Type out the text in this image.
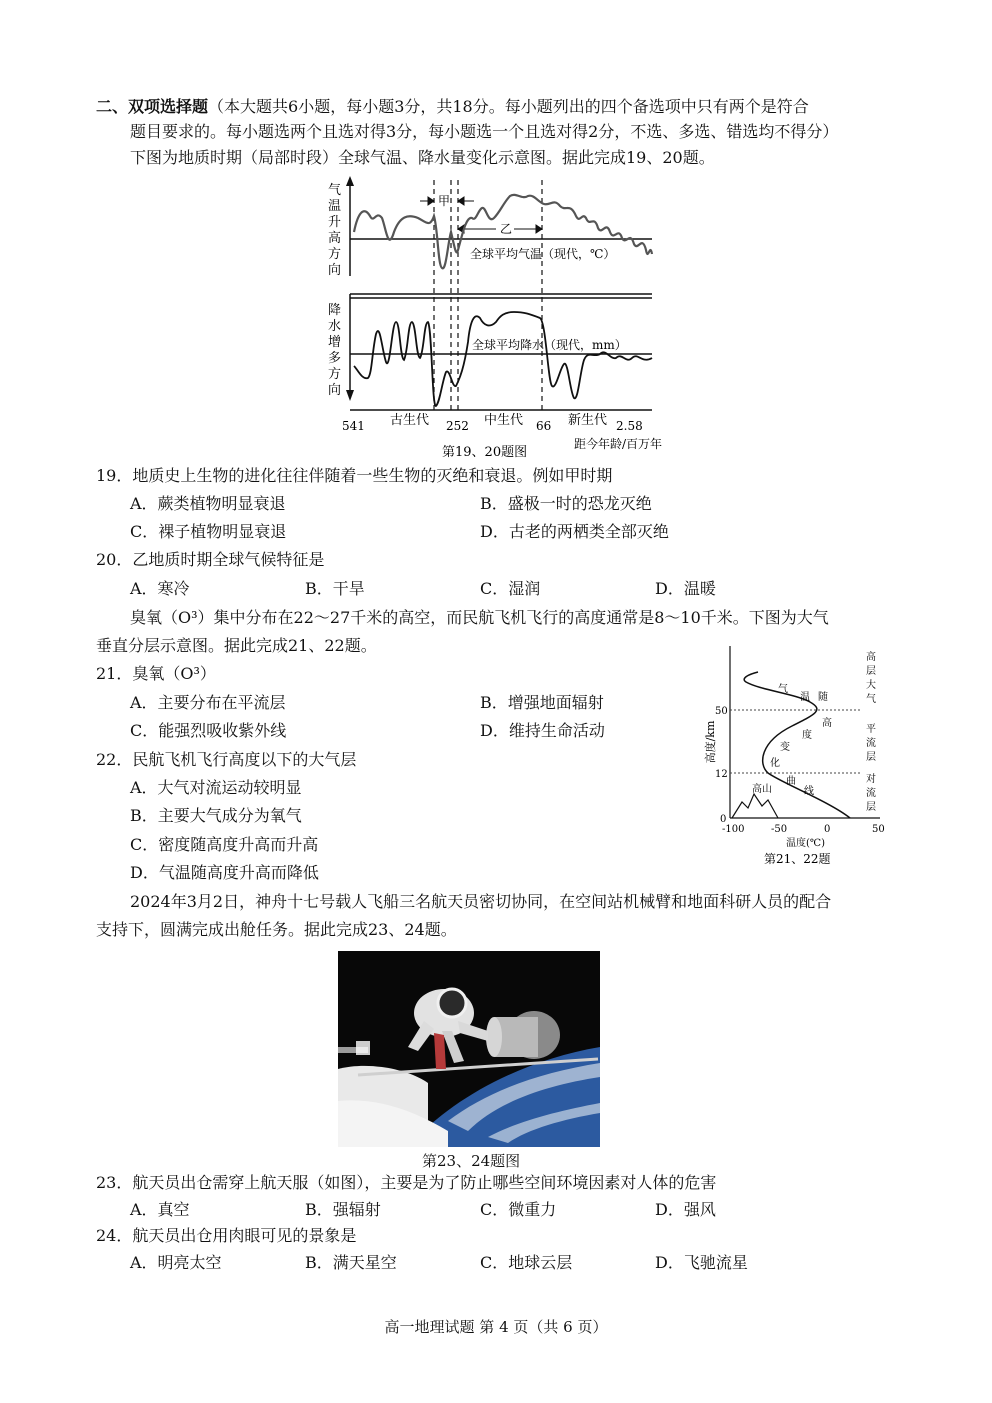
二、双项选择题（本大题共6小题，每小题3分，共18分。每小题列出的四个备选项中只有两个是符合
题目要求的。每小题选两个且选对得3分，每小题选一个且选对得2分，不选、多选、错选均不得分）
下图为地质时期（局部时段）全球气温、降水量变化示意图。据此完成19、20题。
气
温
升
高
方
向
降
水
增
多
方
向
甲
乙
全球平均气温（现代，℃）
全球平均降水（现代，mm）
541	252	66	2.58
古生代	中生代	新生代
距今年龄/百万年
第19、20题图
19．地质史上生物的进化往往伴随着一些生物的灭绝和衰退。例如甲时期
A．蕨类植物明显衰退	B．盛极一时的恐龙灭绝
C．裸子植物明显衰退	D．古老的两栖类全部灭绝
20．乙地质时期全球气候特征是
A．寒冷	B．干旱	C．湿润	D．温暖
臭氧（O³）集中分布在22～27千米的高空，而民航飞机飞行的高度通常是8～10千米。下图为大气
垂直分层示意图。据此完成21、22题。
21．臭氧（O³）
A．主要分布在平流层	B．增强地面辐射
C．能强烈吸收紫外线	D．维持生命活动
22．民航飞机飞行高度以下的大气层
A．大气对流运动较明显
B．主要大气成分为氧气
C．密度随高度升高而升高
D．气温随高度升高而降低
0
12
50
高度/km
-100	-50	0	50
温度(℃)
高山
气
温 随
高
度
变
化
曲
线
高
层
大
气
平
流
层
对
流
层
第21、22题
2024年3月2日，神舟十七号载人飞船三名航天员密切协同，在空间站机械臂和地面科研人员的配合
支持下，圆满完成出舱任务。据此完成23、24题。
第23、24题图
23．航天员出仓需穿上航天服（如图），主要是为了防止哪些空间环境因素对人体的危害
A．真空	B．强辐射	C．微重力	D．强风
24．航天员出仓用肉眼可见的景象是
A．明亮太空	B．满天星空	C．地球云层	D．飞驰流星
高一地理试题 第 4 页（共 6 页）
